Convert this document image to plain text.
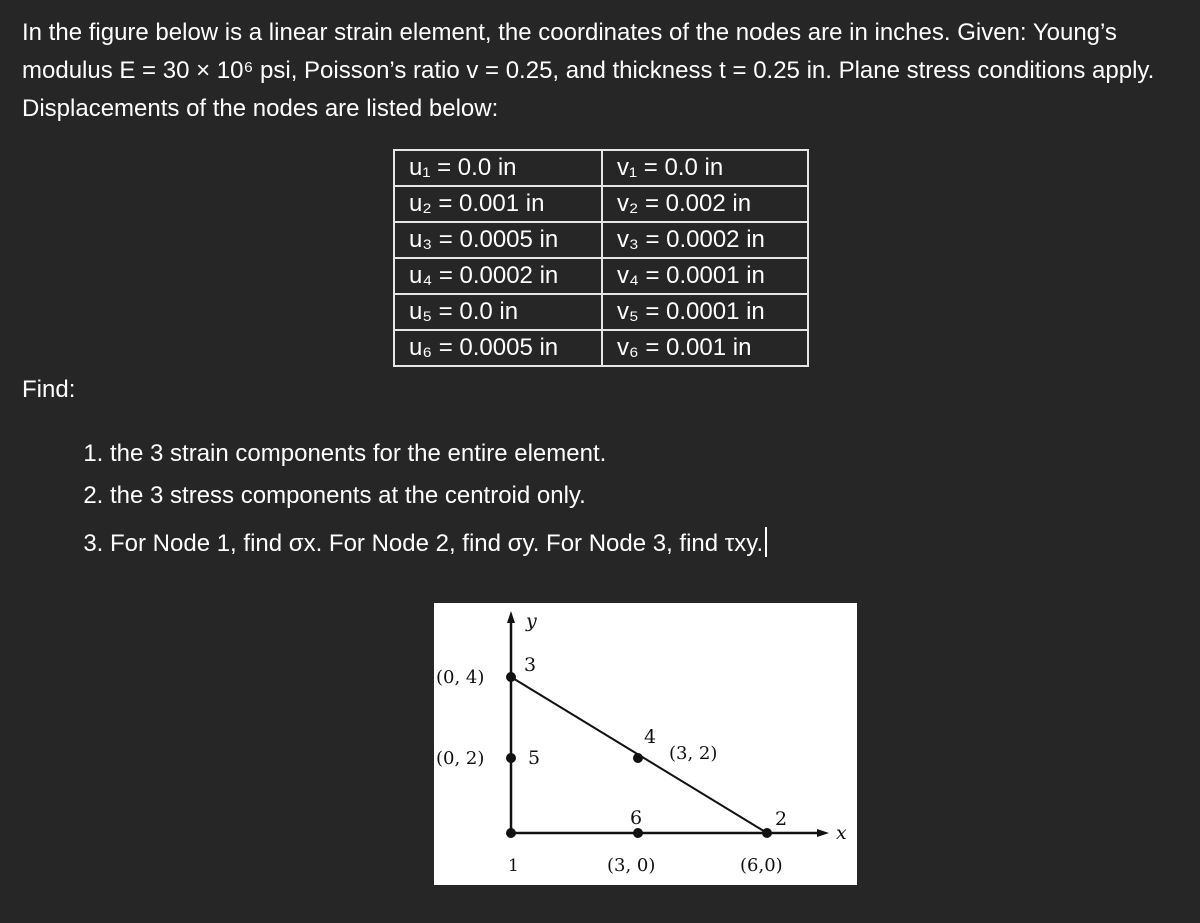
In the figure below is a linear strain element, the coordinates of the nodes are in inches. Given: Young’s modulus E = 30 × 10⁶ psi, Poisson’s ratio v = 0.25, and thickness t = 0.25 in. Plane stress conditions apply. Displacements of the nodes are listed below:

u₁ = 0.0 in	v₁ = 0.0 in
u₂ = 0.001 in	v₂ = 0.002 in
u₃ = 0.0005 in	v₃ = 0.0002 in
u₄ = 0.0002 in	v₄ = 0.0001 in
u₅ = 0.0 in	v₅ = 0.0001 in
u₆ = 0.0005 in	v₆ = 0.001 in
Find:
1. the 3 strain components for the entire element.
2. the 3 stress components at the centroid only.
3. For Node 1, find σx. For Node 2, find σy. For Node 3, find τxy.
y
x
1
2
3
4
5
6
(6,0)
(0, 4)
(3, 2)
(0, 2)
(3, 0)
